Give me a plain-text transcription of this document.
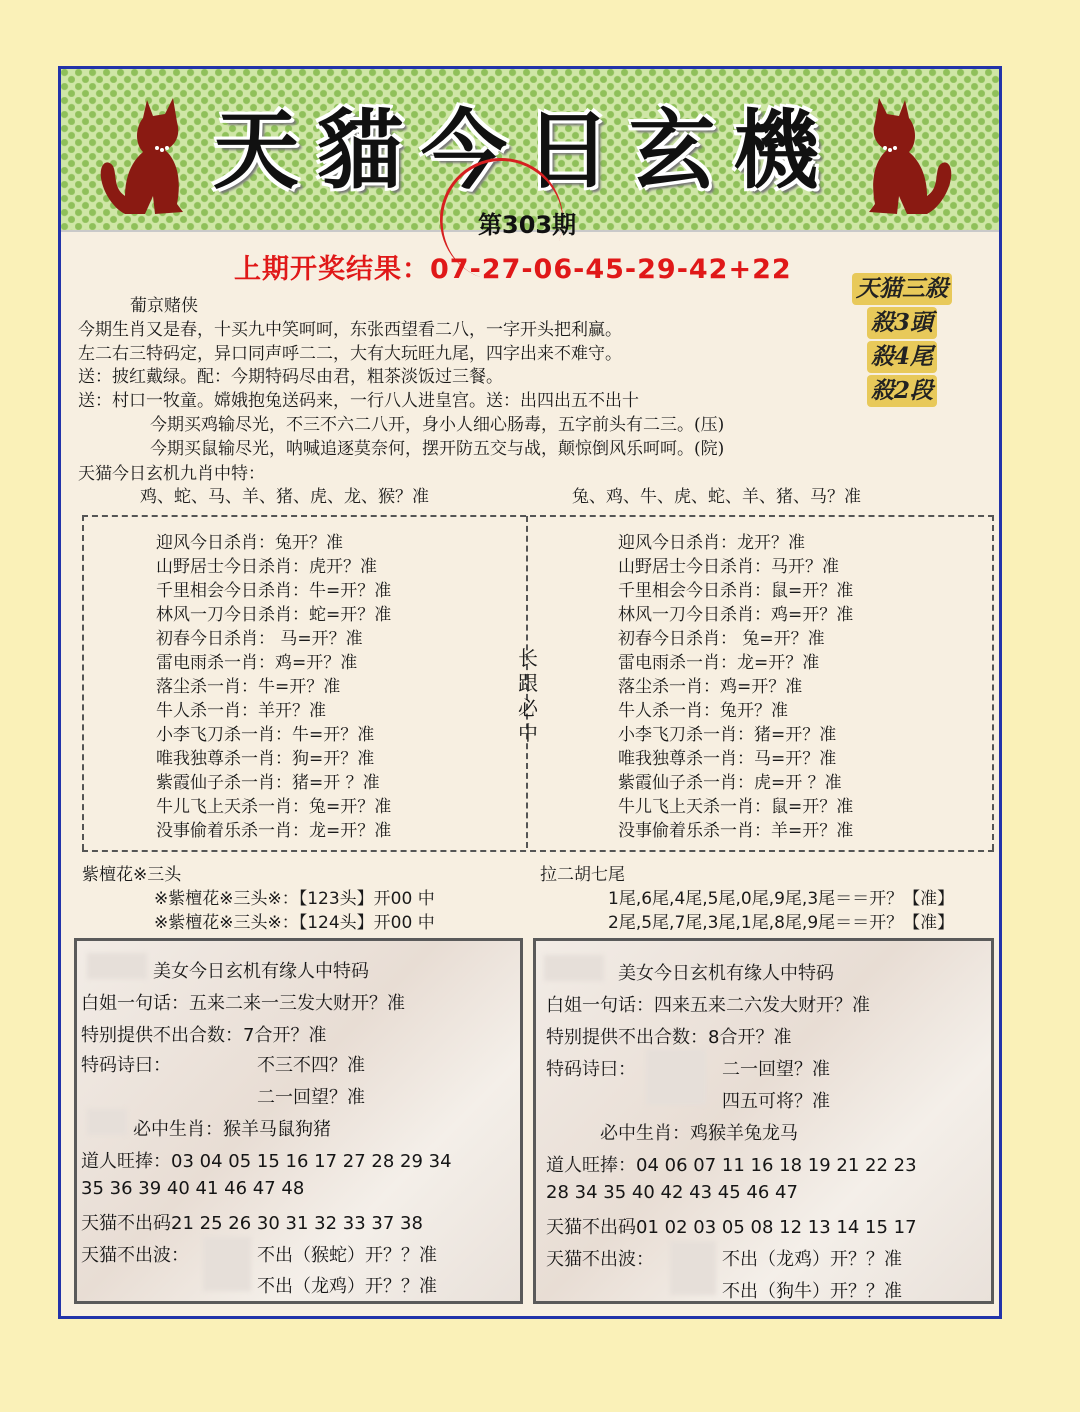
天貓今日玄機
第303期
上期开奖结果：07-27-06-45-29-42+22
天猫三殺
殺3頭
殺4尾
殺2段
葡京赌侠
今期生肖又是春，十买九中笑呵呵，东张西望看二八，一字开头把利赢。
左二右三特码定，异口同声呼二二，大有大玩旺九尾，四字出来不难守。
送：披红戴绿。配：今期特码尽由君，粗茶淡饭过三餐。
送：村口一牧童。嫦娥抱兔送码来，一行八人进皇宫。送：出四出五不出十
今期买鸡输尽光，不三不六二八开，身小人细心肠毒，五字前头有二三。(压)
今期买鼠输尽光，呐喊追逐莫奈何，摆开防五交与战，颠惊倒风乐呵呵。(院)
天猫今日玄机九肖中特：
鸡、蛇、马、羊、猪、虎、龙、猴？准	兔、鸡、牛、虎、蛇、羊、猪、马？准
迎风今日杀肖：兔开？准
山野居士今日杀肖：虎开？准
千里相会今日杀肖：牛=开？准
林风一刀今日杀肖：蛇=开？准
初春今日杀肖： 马=开？准
雷电雨杀一肖：鸡=开？准
落尘杀一肖：牛=开？准
牛人杀一肖：羊开？准
小李飞刀杀一肖：牛=开？准
唯我独尊杀一肖：狗=开？准
紫霞仙子杀一肖：猪=开 ？准
牛儿飞上天杀一肖：兔=开？准
没事偷着乐杀一肖：龙=开？准
长
跟
必
中
迎风今日杀肖：龙开？准
山野居士今日杀肖：马开？准
千里相会今日杀肖：鼠=开？准
林风一刀今日杀肖：鸡=开？准
初春今日杀肖： 兔=开？准
雷电雨杀一肖：龙=开？准
落尘杀一肖：鸡=开？准
牛人杀一肖：兔开？准
小李飞刀杀一肖：猪=开？准
唯我独尊杀一肖：马=开？准
紫霞仙子杀一肖：虎=开 ？准
牛儿飞上天杀一肖：鼠=开？准
没事偷着乐杀一肖：羊=开？准
紫檀花※三头
※紫檀花※三头※：【123头】开00 中
※紫檀花※三头※：【124头】开00 中
拉二胡七尾
1尾,6尾,4尾,5尾,0尾,9尾,3尾＝＝开？【准】
2尾,5尾,7尾,3尾,1尾,8尾,9尾＝＝开？【准】
美女今日玄机有缘人中特码
白姐一句话：五来二来一三发大财开？准
特别提供不出合数：7合开？准
特码诗曰：	不三不四？准
二一回望？准
必中生肖：猴羊马鼠狗猪
道人旺捧：03 04 05 15 16 17 27 28 29 34
35 36 39 40 41 46 47 48
天猫不出码21 25 26 30 31 32 33 37 38
天猫不出波：	不出（猴蛇）开？？准
不出（龙鸡）开？？准
美女今日玄机有缘人中特码
白姐一句话：四来五来二六发大财开？准
特别提供不出合数：8合开？准
特码诗曰：	二一回望？准
四五可将？准
必中生肖：鸡猴羊兔龙马
道人旺捧：04 06 07 11 16 18 19 21 22 23
28 34 35 40 42 43 45 46 47
天猫不出码01 02 03 05 08 12 13 14 15 17
天猫不出波：	不出（龙鸡）开？？准
不出（狗牛）开？？准
